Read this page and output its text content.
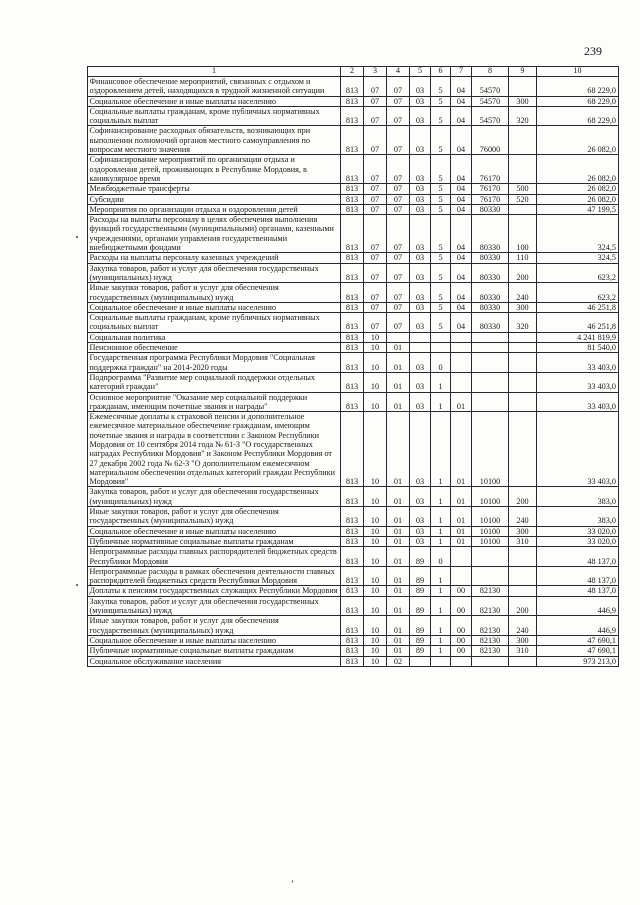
239
1	2	3	4	5	6	7	8	9	10
Финансовое обеспечение мероприятий, связанных с отдыхом и оздоровлением детей, находящихся в трудной жизненной ситуации	813	07	07	03	5	04	54570		68 229,0
Социальное обеспечение и иные выплаты населению	813	07	07	03	5	04	54570	300	68 229,0
Социальные выплаты гражданам, кроме публичных нормативных социальных выплат	813	07	07	03	5	04	54570	320	68 229,0
Софинансирование расходных обязательств, возникающих при выполнении полномочий органов местного самоуправления по вопросам местного значения	813	07	07	03	5	04	76000		26 082,0
Софинансирование мероприятий по организации отдыха и оздоровления детей, проживающих в Республике Мордовия, в каникулярное время	813	07	07	03	5	04	76170		26 082,0
Межбюджетные трансферты	813	07	07	03	5	04	76170	500	26 082,0
Субсидии	813	07	07	03	5	04	76170	520	26 082,0
Мероприятия по организации отдыха и оздоровления детей	813	07	07	03	5	04	80330		47 199,5
Расходы на выплаты персоналу в целях обеспечения выполнения функций государственными (муниципальными) органами, казенными учреждениями, органами управления государственными внебюджетными фондами	813	07	07	03	5	04	80330	100	324,5
Расходы на выплаты персоналу казенных учреждений	813	07	07	03	5	04	80330	110	324,5
Закупка товаров, работ и услуг для обеспечения государственных (муниципальных) нужд	813	07	07	03	5	04	80330	200	623,2
Иные закупки товаров, работ и услуг для обеспечения государственных (муниципальных) нужд	813	07	07	03	5	04	80330	240	623,2
Социальное обеспечение и иные выплаты населению	813	07	07	03	5	04	80330	300	46 251,8
Социальные выплаты гражданам, кроме публичных нормативных социальных выплат	813	07	07	03	5	04	80330	320	46 251,8
Социальная политика	813	10							4 241 819,9
Пенсионное обеспечение	813	10	01						81 540,0
Государственная программа Республики Мордовия "Социальная поддержка граждан" на 2014-2020 годы	813	10	01	03	0				33 403,0
Подпрограмма "Развитие мер социальной поддержки отдельных категорий граждан"	813	10	01	03	1				33 403,0
Основное мероприятие "Оказание мер социальной поддержки гражданам, имеющим почетные звания и награды"	813	10	01	03	1	01			33 403,0
Ежемесячные доплаты к страховой пенсии и дополнительное ежемесячное материальное обеспечение гражданам, имеющим почетные звания и награды в соответствии с Законом Республики Мордовия от 10 сентября 2014 года № 61-З "О государственных наградах Республики Мордовия" и Законом Республики Мордовия от 27 декабря 2002 года № 62-З "О дополнительном ежемесячном материальном обеспечении отдельных категорий граждан Республики Мордовия"	813	10	01	03	1	01	10100		33 403,0
Закупка товаров, работ и услуг для обеспечения государственных (муниципальных) нужд	813	10	01	03	1	01	10100	200	383,0
Иные закупки товаров, работ и услуг для обеспечения государственных (муниципальных) нужд	813	10	01	03	1	01	10100	240	383,0
Социальное обеспечение и иные выплаты населению	813	10	01	03	1	01	10100	300	33 020,0
Публичные нормативные социальные выплаты гражданам	813	10	01	03	1	01	10100	310	33 020,0
Непрограммные расходы главных распорядителей бюджетных средств Республики Мордовия	813	10	01	89	0				48 137,0
Непрограммные расходы в рамках обеспечения деятельности главных распорядителей бюджетных средств Республики Мордовия	813	10	01	89	1				48 137,0
Доплаты к пенсиям государственных служащих Республики Мордовия	813	10	01	89	1	00	82130		48 137,0
Закупка товаров, работ и услуг для обеспечения государственных (муниципальных) нужд	813	10	01	89	1	00	82130	200	446,9
Иные закупки товаров, работ и услуг для обеспечения государственных (муниципальных) нужд	813	10	01	89	1	00	82130	240	446,9
Социальное обеспечение и иные выплаты населению	813	10	01	89	1	00	82130	300	47 690,1
Публичные нормативные социальные выплаты гражданам	813	10	01	89	1	00	82130	310	47 690,1
Социальное обслуживание населения	813	10	02						973 213,0
